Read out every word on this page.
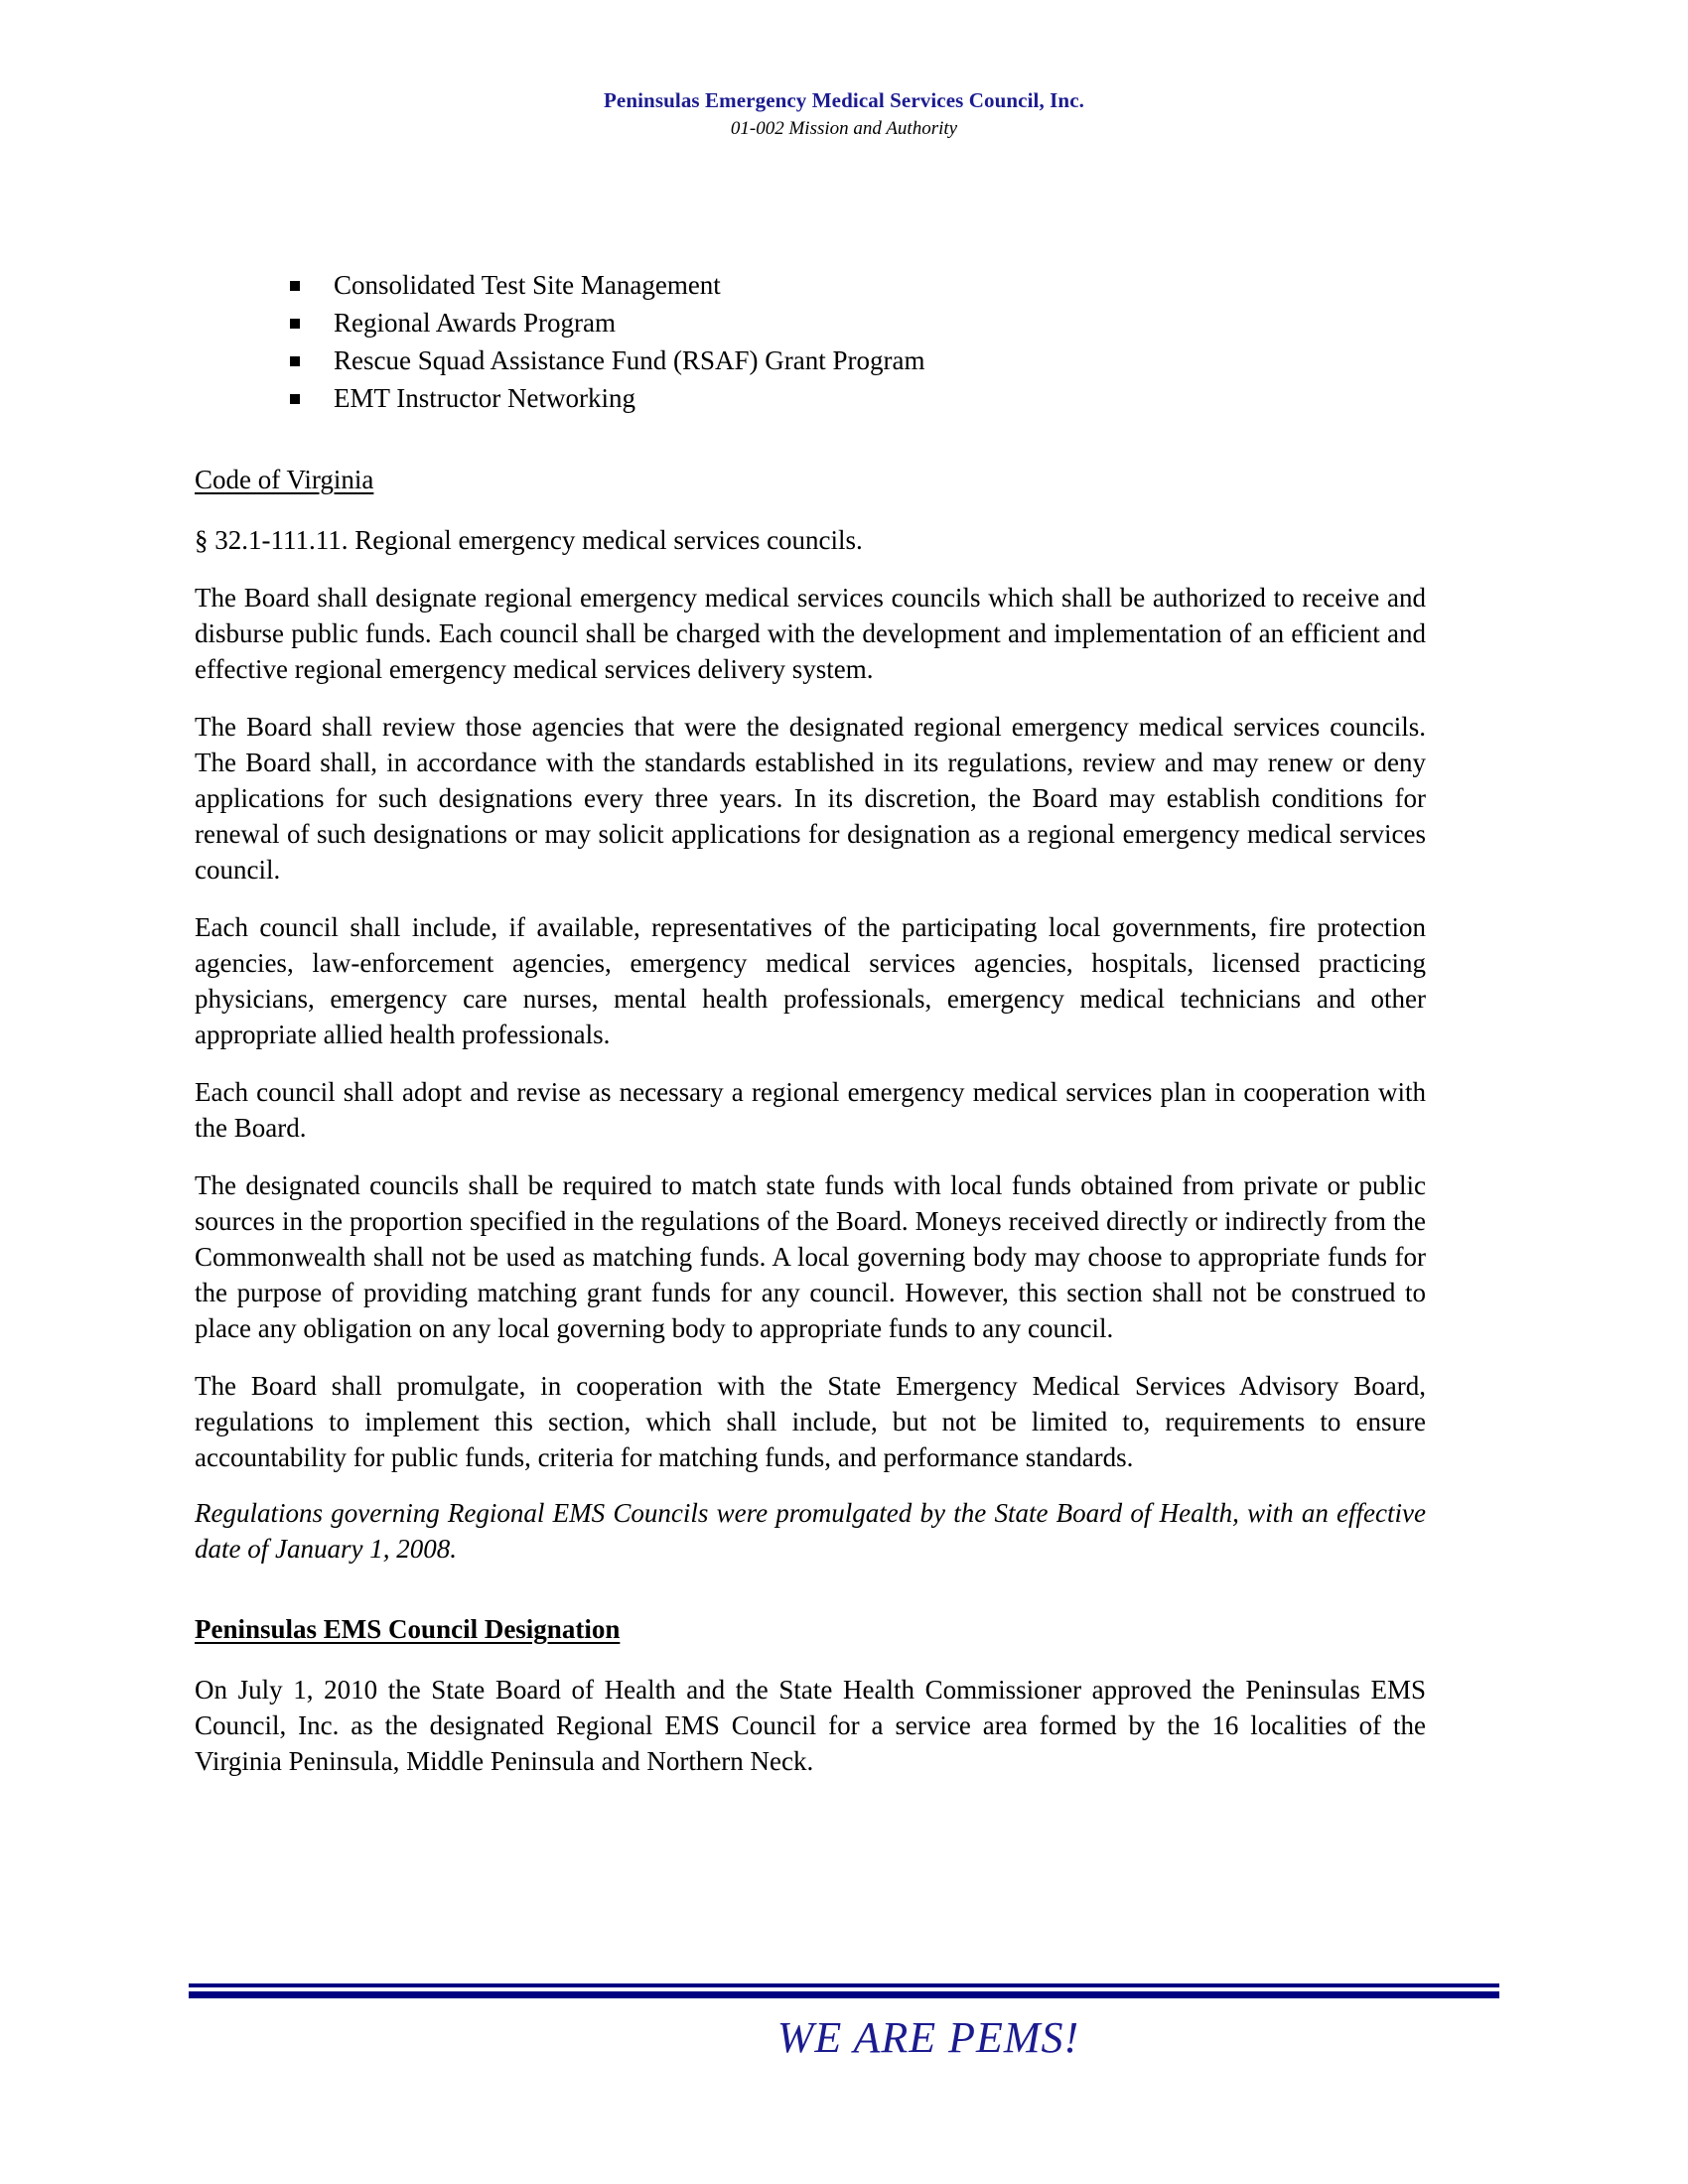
Peninsulas Emergency Medical Services Council, Inc.
01-002 Mission and Authority
Consolidated Test Site Management
Regional Awards Program
Rescue Squad Assistance Fund (RSAF) Grant Program
EMT Instructor Networking
Code of Virginia

§ 32.1-111.11. Regional emergency medical services councils.

The Board shall designate regional emergency medical services councils which shall be authorized to receive and disburse public funds. Each council shall be charged with the development and implementation of an efficient and effective regional emergency medical services delivery system.

The Board shall review those agencies that were the designated regional emergency medical services councils. The Board shall, in accordance with the standards established in its regulations, review and may renew or deny applications for such designations every three years. In its discretion, the Board may establish conditions for renewal of such designations or may solicit applications for designation as a regional emergency medical services council.

Each council shall include, if available, representatives of the participating local governments, fire protection agencies, law-enforcement agencies, emergency medical services agencies, hospitals, licensed practicing physicians, emergency care nurses, mental health professionals, emergency medical technicians and other appropriate allied health professionals.

Each council shall adopt and revise as necessary a regional emergency medical services plan in cooperation with the Board.

The designated councils shall be required to match state funds with local funds obtained from private or public sources in the proportion specified in the regulations of the Board. Moneys received directly or indirectly from the Commonwealth shall not be used as matching funds. A local governing body may choose to appropriate funds for the purpose of providing matching grant funds for any council. However, this section shall not be construed to place any obligation on any local governing body to appropriate funds to any council.

The Board shall promulgate, in cooperation with the State Emergency Medical Services Advisory Board, regulations to implement this section, which shall include, but not be limited to, requirements to ensure accountability for public funds, criteria for matching funds, and performance standards.

Regulations governing Regional EMS Councils were promulgated by the State Board of Health, with an effective date of January 1, 2008.

Peninsulas EMS Council Designation

On July 1, 2010 the State Board of Health and the State Health Commissioner approved the Peninsulas EMS Council, Inc. as the designated Regional EMS Council for a service area formed by the 16 localities of the Virginia Peninsula, Middle Peninsula and Northern Neck.

WE ARE PEMS!
